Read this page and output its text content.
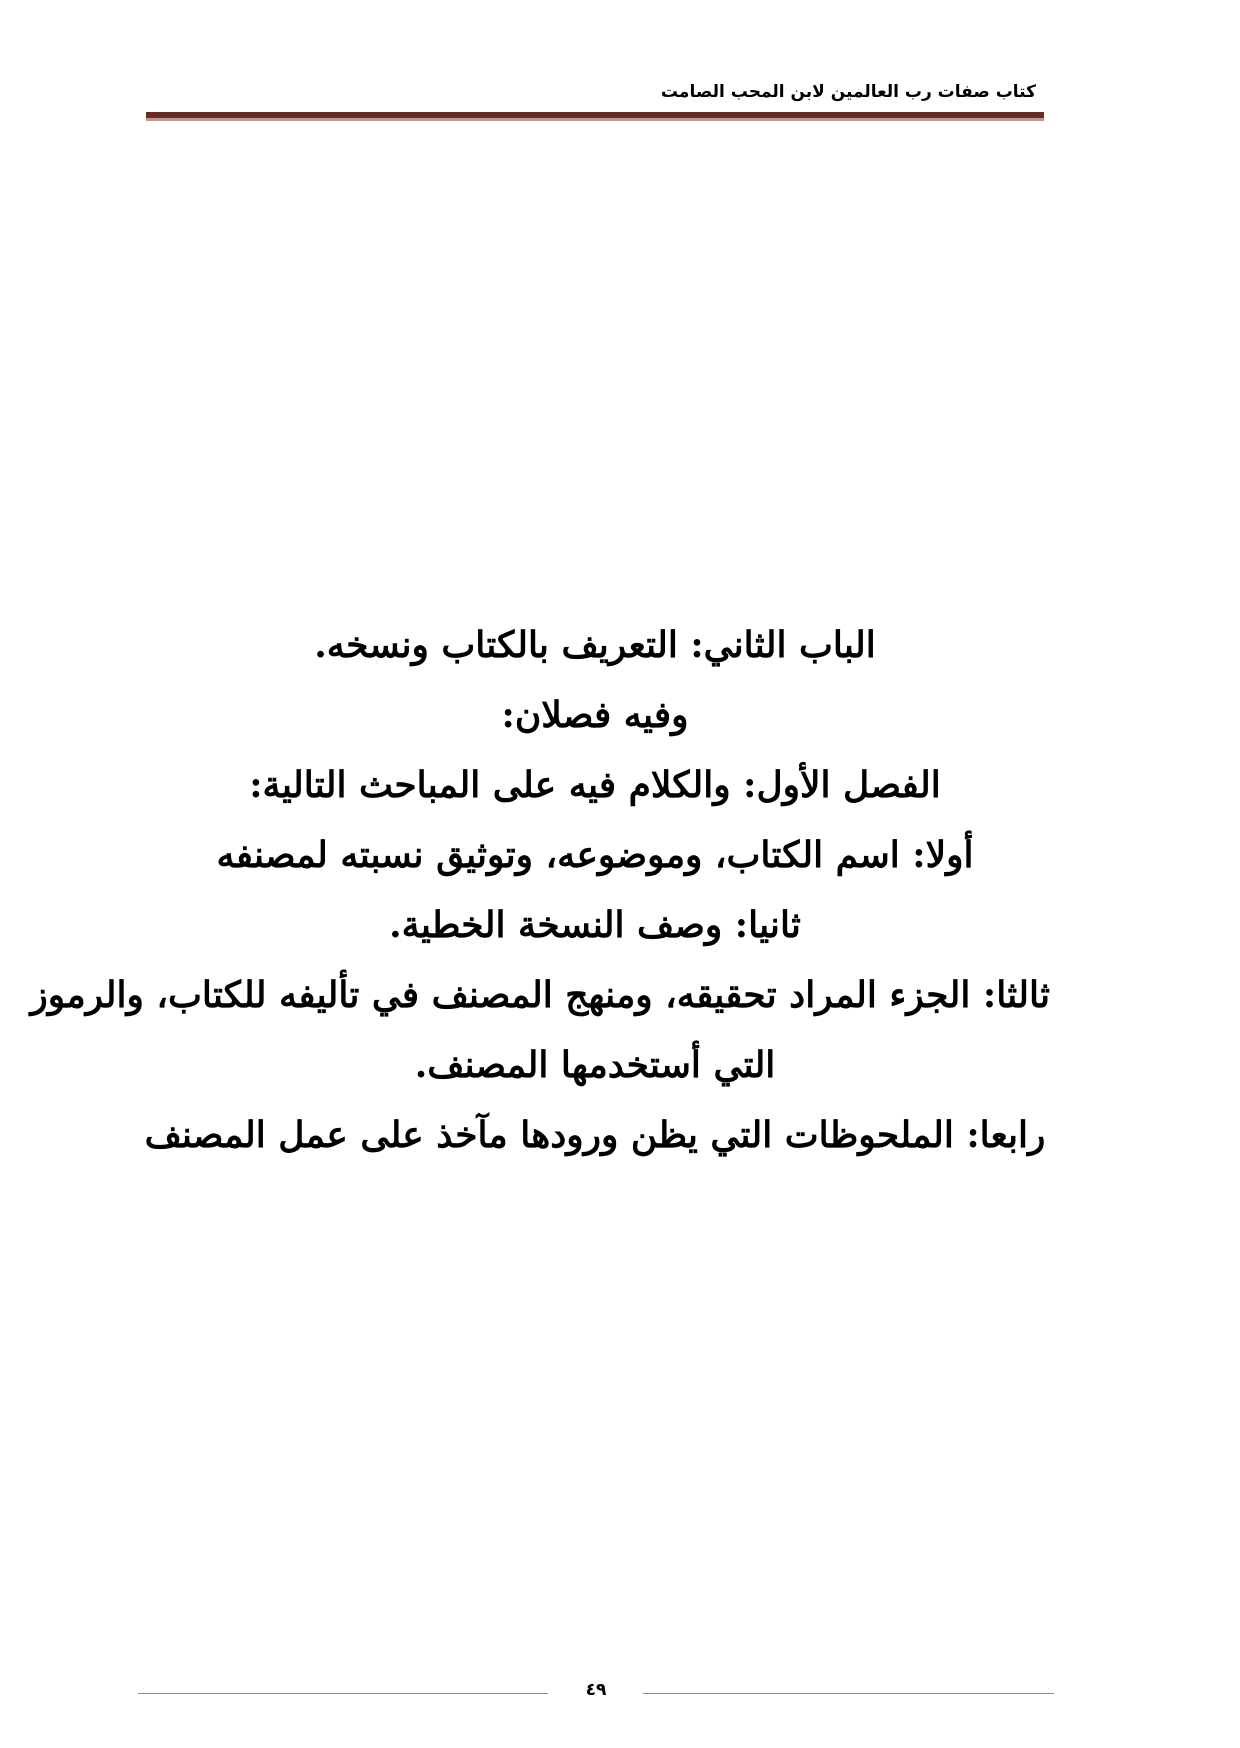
كتاب صفات رب العالمين لابن المحب الصامت
الباب الثاني: التعريف بالكتاب ونسخه.
وفيه فصلان:
الفصل الأول: والكلام فيه على المباحث التالية:
أولا: اسم الكتاب، وموضوعه، وتوثيق نسبته لمصنفه
ثانيا: وصف النسخة الخطية.
ثالثا: الجزء المراد تحقيقه، ومنهج المصنف في تأليفه للكتاب، والرموز
التي أستخدمها المصنف.
رابعا: الملحوظات التي يظن ورودها مآخذ على عمل المصنف
٤٩
